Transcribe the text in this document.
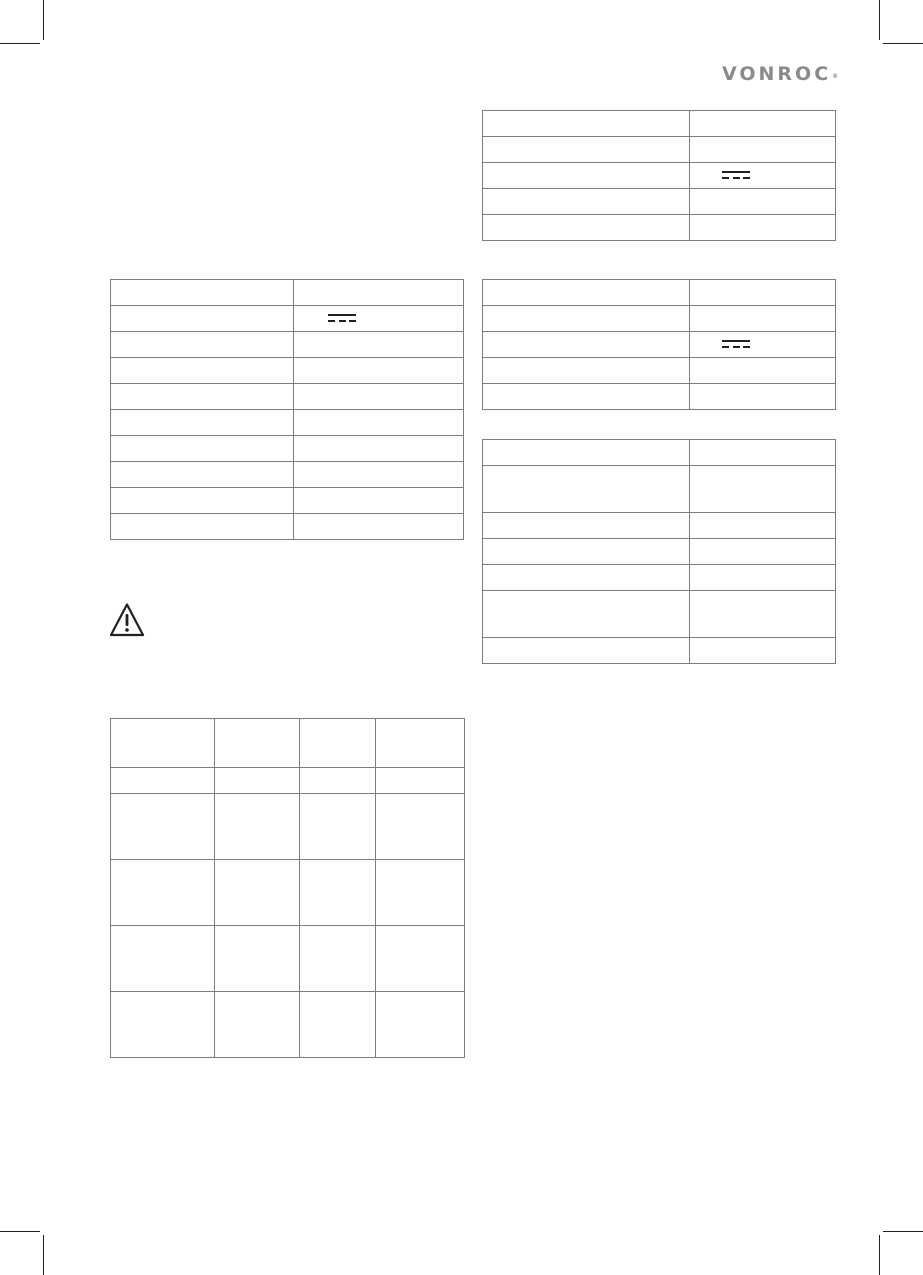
VONROC®
